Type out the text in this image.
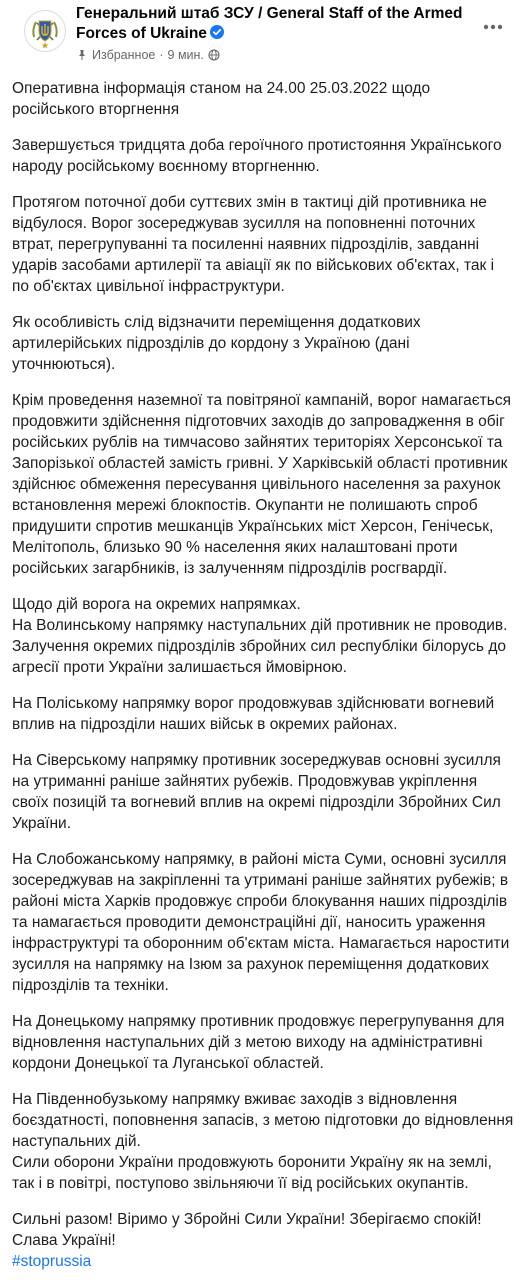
Генеральний штаб ЗСУ / General Staff of the Armed Forces of Ukraine
Избранное · 9 мин.

Оперативна інформація станом на 24.00 25.03.2022 щодо російського вторгнення

Завершується тридцята доба героїчного протистояння Українського народу російському воєнному вторгненню.

Протягом поточної доби суттєвих змін в тактиці дій противника не відбулося. Ворог зосереджував зусилля на поповненні поточних втрат, перегрупуванні та посиленні наявних підрозділів, завданні ударів засобами артилерії та авіації як по військових об'єктах, так і по об'єктах цивільної інфраструктури.

Як особливість слід відзначити переміщення додаткових артилерійських підрозділів до кордону з Україною (дані уточнюються).

Крім проведення наземної та повітряної кампаній, ворог намагається продовжити здійснення підготовчих заходів до запровадження в обіг російських рублів на тимчасово зайнятих територіях Херсонської та Запорізької областей замість гривні. У Харківській області противник здійснює обмеження пересування цивільного населення за рахунок встановлення мережі блокпостів. Окупанти не полишають спроб придушити спротив мешканців Українських міст Херсон, Генічеськ, Мелітополь, близько 90 % населення яких налаштовані проти російських загарбників, із залученням підрозділів росгвардії.

Щодо дій ворога на окремих напрямках.

На Волинському напрямку наступальних дій противник не проводив. Залучення окремих підрозділів збройних сил республіки білорусь до агресії проти України залишається ймовірною.

На Поліському напрямку ворог продовжував здійснювати вогневий вплив на підрозділи наших військ в окремих районах.

На Сіверському напрямку противник зосереджував основні зусилля на утриманні раніше зайнятих рубежів. Продовжував укріплення своїх позицій та вогневий вплив на окремі підрозділи Збройних Сил України.

На Слобожанському напрямку, в районі міста Суми, основні зусилля зосереджував на закріпленні та утримані раніше зайнятих рубежів; в районі міста Харків продовжує спроби блокування наших підрозділів та намагається проводити демонстраційні дії, наносить ураження інфраструктурі та оборонним об'єктам міста. Намагається наростити зусилля на напрямку на Ізюм за рахунок переміщення додаткових підрозділів та техніки.

На Донецькому напрямку противник продовжує перегрупування для відновлення наступальних дій з метою виходу на адміністративні кордони Донецької та Луганської областей.

На Південнобузькому напрямку вживає заходів з відновлення боєздатності, поповнення запасів, з метою підготовки до відновлення наступальних дій.

Сили оборони України продовжують боронити Україну як на землі, так і в повітрі, поступово звільняючи її від російських окупантів.

Сильні разом! Віримо у Збройні Сили України! Зберігаємо спокій! Слава Україні!

#stoprussia
